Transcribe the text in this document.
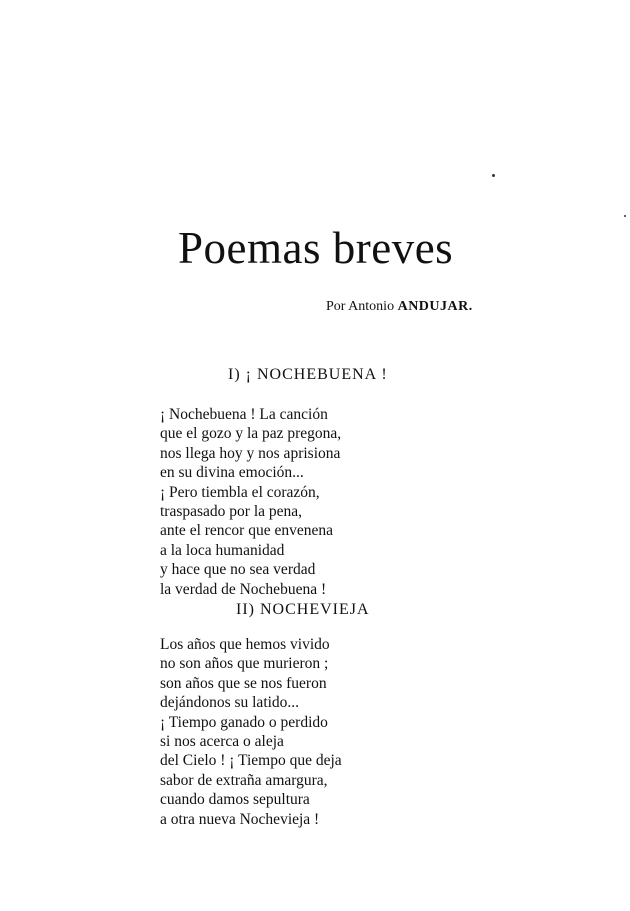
Poemas breves
Por Antonio ANDUJAR.
I) ¡ NOCHEBUENA !
¡ Nochebuena ! La canción
que el gozo y la paz pregona,
nos llega hoy y nos aprisiona
en su divina emoción...
¡ Pero tiembla el corazón,
traspasado por la pena,
ante el rencor que envenena
a la loca humanidad
y hace que no sea verdad
la verdad de Nochebuena !
II) NOCHEVIEJA
Los años que hemos vivido
no son años que murieron ;
son años que se nos fueron
dejándonos su latido...
¡ Tiempo ganado o perdido
si nos acerca o aleja
del Cielo ! ¡ Tiempo que deja
sabor de extraña amargura,
cuando damos sepultura
a otra nueva Nochevieja !
